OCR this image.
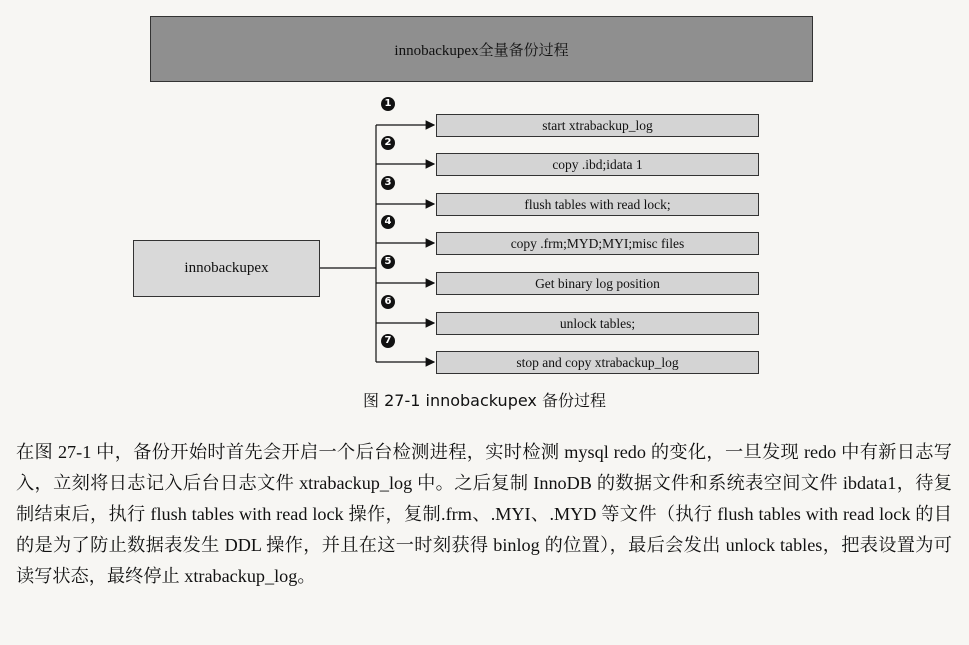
innobackupex全量备份过程
innobackupex
1
start xtrabackup_log
2
copy .ibd;idata 1
3
flush tables with read lock;
4
copy .frm;MYD;MYI;misc files
5
Get binary log position
6
unlock tables;
7
stop and copy xtrabackup_log
图 27-1 innobackupex 备份过程

在图 27-1 中，备份开始时首先会开启一个后台检测进程，实时检测 mysql redo 的变化，一旦发现 redo 中有新日志写入，立刻将日志记入后台日志文件 xtrabackup_log 中。之后复制 InnoDB 的数据文件和系统表空间文件 ibdata1，待复制结束后，执行 flush tables with read lock 操作，复制.frm、.MYI、.MYD 等文件（执行 flush tables with read lock 的目的是为了防止数据表发生 DDL 操作，并且在这一时刻获得 binlog 的位置），最后会发出 unlock tables，把表设置为可读写状态，最终停止 xtrabackup_log。
